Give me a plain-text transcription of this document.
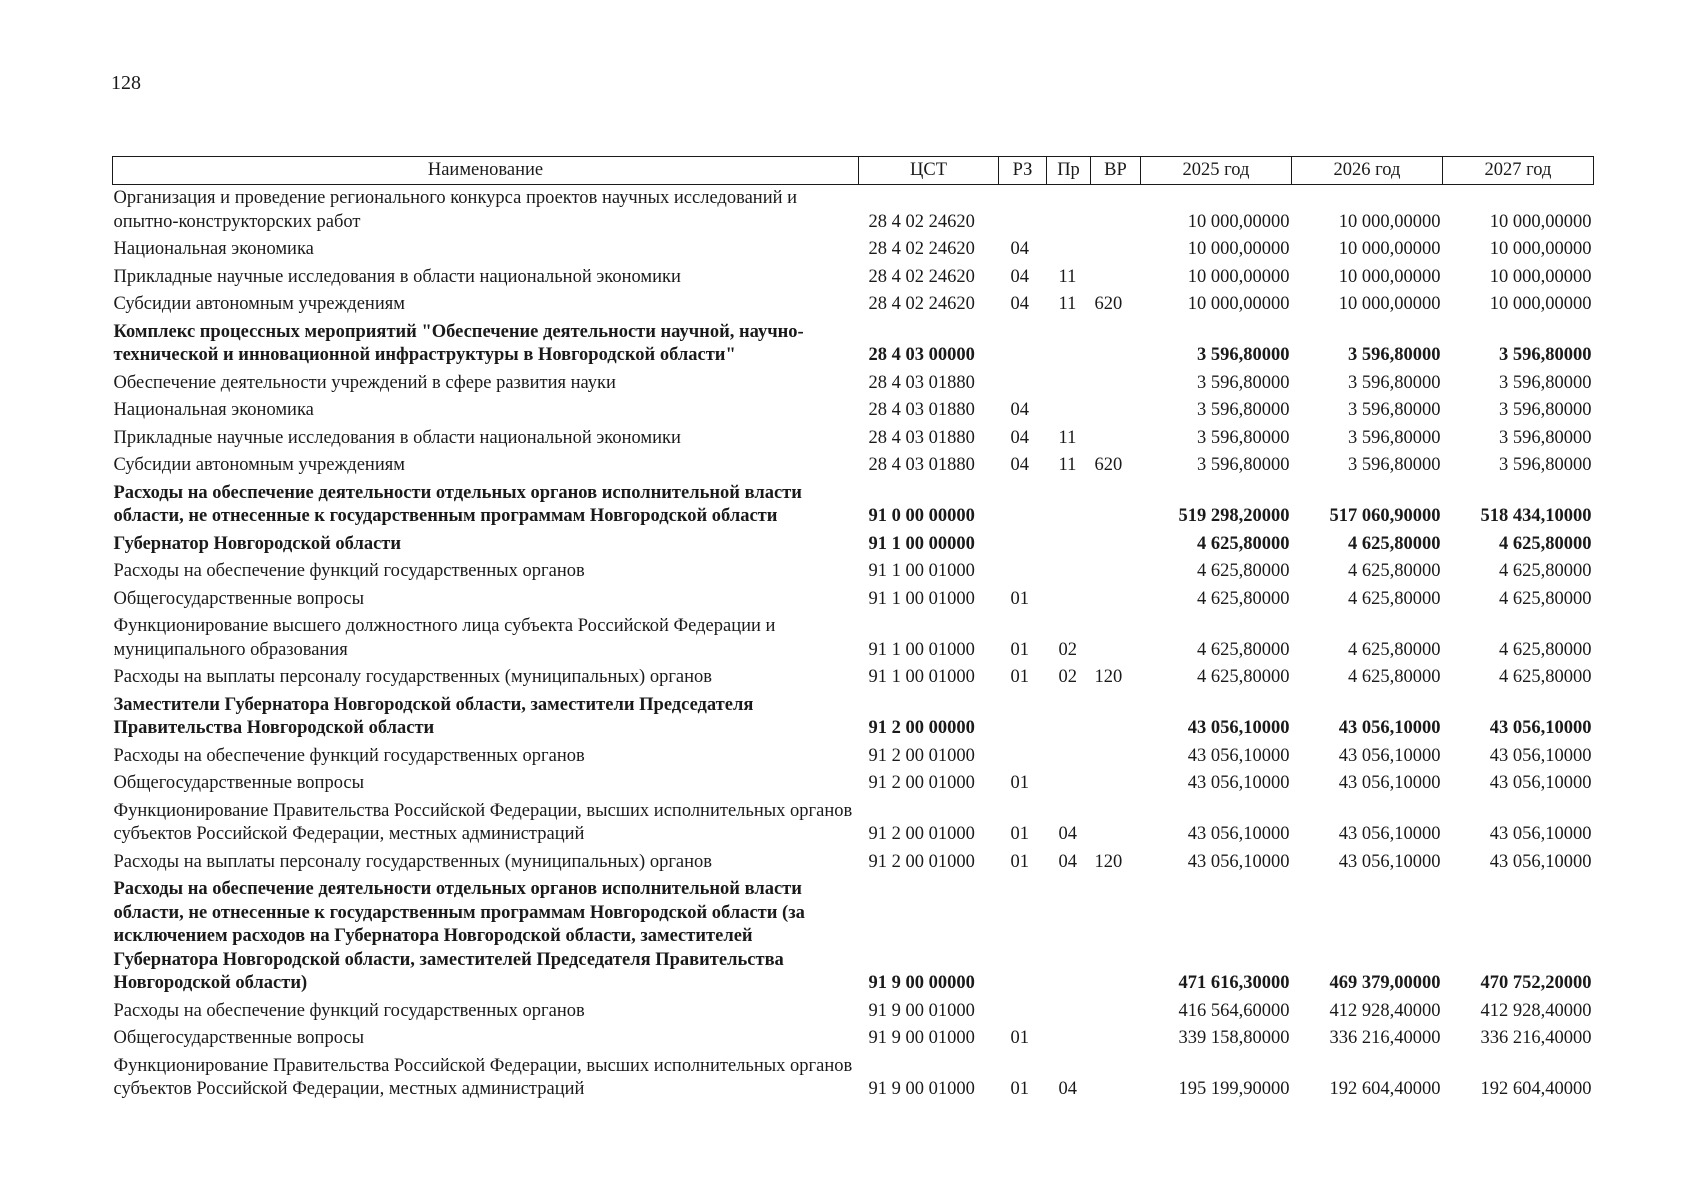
128
Наименование	ЦСТ	РЗ	Пр	ВР	2025 год	2026 год	2027 год
Организация и проведение регионального конкурса проектов научных исследований и опытно-конструкторских работ	28 4 02 24620				10 000,00000	10 000,00000	10 000,00000
Национальная экономика	28 4 02 24620	04			10 000,00000	10 000,00000	10 000,00000
Прикладные научные исследования в области национальной экономики	28 4 02 24620	04	11		10 000,00000	10 000,00000	10 000,00000
Субсидии автономным учреждениям	28 4 02 24620	04	11	620	10 000,00000	10 000,00000	10 000,00000
Комплекс процессных мероприятий "Обеспечение деятельности научной, научно-технической и инновационной инфраструктуры в Новгородской области"	28 4 03 00000				3 596,80000	3 596,80000	3 596,80000
Обеспечение деятельности учреждений в сфере развития науки	28 4 03 01880				3 596,80000	3 596,80000	3 596,80000
Национальная экономика	28 4 03 01880	04			3 596,80000	3 596,80000	3 596,80000
Прикладные научные исследования в области национальной экономики	28 4 03 01880	04	11		3 596,80000	3 596,80000	3 596,80000
Субсидии автономным учреждениям	28 4 03 01880	04	11	620	3 596,80000	3 596,80000	3 596,80000
Расходы на обеспечение деятельности отдельных органов исполнительной власти области, не отнесенные к государственным программам Новгородской области	91 0 00 00000				519 298,20000	517 060,90000	518 434,10000
Губернатор Новгородской области	91 1 00 00000				4 625,80000	4 625,80000	4 625,80000
Расходы на обеспечение функций государственных органов	91 1 00 01000				4 625,80000	4 625,80000	4 625,80000
Общегосударственные вопросы	91 1 00 01000	01			4 625,80000	4 625,80000	4 625,80000
Функционирование высшего должностного лица субъекта Российской Федерации и муниципального образования	91 1 00 01000	01	02		4 625,80000	4 625,80000	4 625,80000
Расходы на выплаты персоналу государственных (муниципальных) органов	91 1 00 01000	01	02	120	4 625,80000	4 625,80000	4 625,80000
Заместители Губернатора Новгородской области, заместители Председателя Правительства Новгородской области	91 2 00 00000				43 056,10000	43 056,10000	43 056,10000
Расходы на обеспечение функций государственных органов	91 2 00 01000				43 056,10000	43 056,10000	43 056,10000
Общегосударственные вопросы	91 2 00 01000	01			43 056,10000	43 056,10000	43 056,10000
Функционирование Правительства Российской Федерации, высших исполнительных органов субъектов Российской Федерации, местных администраций	91 2 00 01000	01	04		43 056,10000	43 056,10000	43 056,10000
Расходы на выплаты персоналу государственных (муниципальных) органов	91 2 00 01000	01	04	120	43 056,10000	43 056,10000	43 056,10000
Расходы на обеспечение деятельности отдельных органов исполнительной власти области, не отнесенные к государственным программам Новгородской области (за исключением расходов на Губернатора Новгородской области, заместителей Губернатора Новгородской области, заместителей Председателя Правительства Новгородской области)	91 9 00 00000				471 616,30000	469 379,00000	470 752,20000
Расходы на обеспечение функций государственных органов	91 9 00 01000				416 564,60000	412 928,40000	412 928,40000
Общегосударственные вопросы	91 9 00 01000	01			339 158,80000	336 216,40000	336 216,40000
Функционирование Правительства Российской Федерации, высших исполнительных органов субъектов Российской Федерации, местных администраций	91 9 00 01000	01	04		195 199,90000	192 604,40000	192 604,40000
